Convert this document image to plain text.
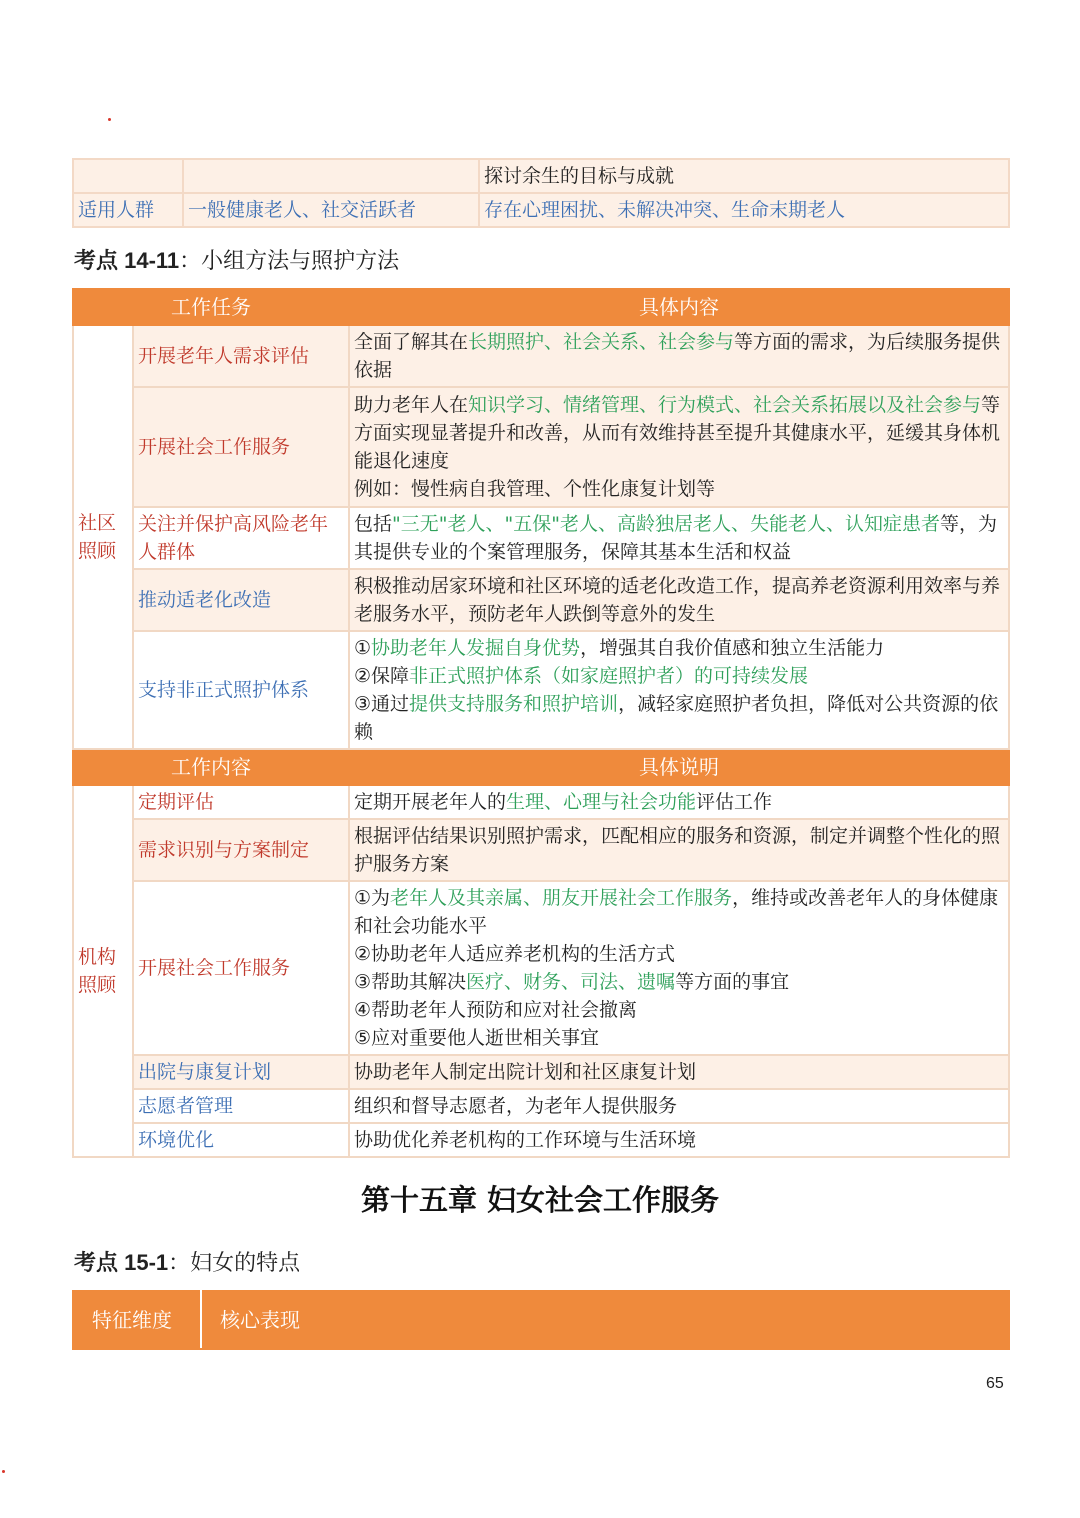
		探讨余生的目标与成就
适用人群	一般健康老人、社交活跃者	存在心理困扰、未解决冲突、生命末期老人
考点 14-11：小组方法与照护方法
工作任务		具体内容
社区照顾	开展老年人需求评估	全面了解其在长期照护、社会关系、社会参与等方面的需求，为后续服务提供依据
	开展社会工作服务	助力老年人在知识学习、情绪管理、行为模式、社会关系拓展以及社会参与等方面实现显著提升和改善，从而有效维持甚至提升其健康水平，延缓其身体机能退化速度
例如：慢性病自我管理、个性化康复计划等
	关注并保护高风险老年人群体	包括"三无"老人、"五保"老人、高龄独居老人、失能老人、认知症患者等，为其提供专业的个案管理服务，保障其基本生活和权益
	推动适老化改造	积极推动居家环境和社区环境的适老化改造工作，提高养老资源利用效率与养老服务水平，预防老年人跌倒等意外的发生
	支持非正式照护体系	①协助老年人发掘自身优势，增强其自我价值感和独立生活能力
②保障非正式照护体系（如家庭照护者）的可持续发展
③通过提供支持服务和照护培训，减轻家庭照护者负担，降低对公共资源的依赖

工作内容		具体说明
机构照顾	定期评估	定期开展老年人的生理、心理与社会功能评估工作
	需求识别与方案制定	根据评估结果识别照护需求，匹配相应的服务和资源，制定并调整个性化的照护服务方案
	开展社会工作服务	①为老年人及其亲属、朋友开展社会工作服务，维持或改善老年人的身体健康和社会功能水平
②协助老年人适应养老机构的生活方式
③帮助其解决医疗、财务、司法、遗嘱等方面的事宜
④帮助老年人预防和应对社会撤离
⑤应对重要他人逝世相关事宜

	出院与康复计划	协助老年人制定出院计划和社区康复计划
	志愿者管理	组织和督导志愿者，为老年人提供服务
	环境优化	协助优化养老机构的工作环境与生活环境
第十五章 妇女社会工作服务
考点 15-1：妇女的特点
特征维度	核心表现
65
